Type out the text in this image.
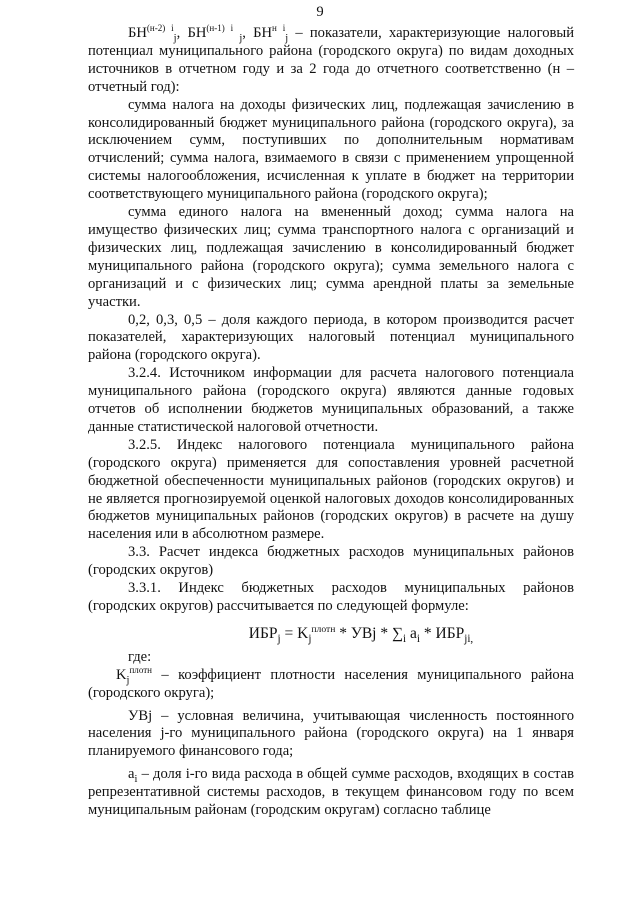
9

$БН^{(н-2)}$ $^i_j$, $БН^{(н-1)}$ $^i$ $_j$, $БН^н$ $^i_j$ – показатели, характеризующие налоговый потенциал муниципального района (городского округа) по видам доходных источников в отчетном году и за 2 года до отчетного соответственно (н – отчетный год):

сумма налога на доходы физических лиц, подлежащая зачислению в консолидированный бюджет муниципального района (городского округа), за исключением сумм, поступивших по дополнительным нормативам отчислений; сумма налога, взимаемого в связи с применением упрощенной системы налогообложения, исчисленная к уплате в бюджет на территории соответствующего муниципального района (городского округа);

сумма единого налога на вмененный доход; сумма налога на имущество физических лиц; сумма транспортного налога с организаций и физических лиц, подлежащая зачислению в консолидированный бюджет муниципального района (городского округа); сумма земельного налога с организаций и с физических лиц; сумма арендной платы за земельные участки.

0,2, 0,3, 0,5 – доля каждого периода, в котором производится расчет показателей, характеризующих налоговый потенциал муниципального района (городского округа).

3.2.4. Источником информации для расчета налогового потенциала муниципального района (городского округа) являются данные годовых отчетов об исполнении бюджетов муниципальных образований, а также данные статистической налоговой отчетности.

3.2.5. Индекс налогового потенциала муниципального района (городского округа) применяется для сопоставления уровней расчетной бюджетной обеспеченности муниципальных районов (городских округов) и не является прогнозируемой оценкой налоговых доходов консолидированных бюджетов муниципальных районов (городских округов) в расчете на душу населения или в абсолютном размере.

3.3. Расчет индекса бюджетных расходов муниципальных районов (городских округов)

3.3.1. Индекс бюджетных расходов муниципальных районов (городских округов) рассчитывается по следующей формуле:

$ИБР_j = K_j^{плотн}$ * УВj * $\sum_i$ $a_i * ИБР_{ji,}$

где:

$K_j^{плотн}$ – коэффициент плотности населения муниципального района (городского округа);

УВj – условная величина, учитывающая численность постоянного населения j-го муниципального района (городского округа) на 1 января планируемого финансового года;

$a_i$ – доля i-го вида расхода в общей сумме расходов, входящих в состав репрезентативной системы расходов, в текущем финансовом году по всем муниципальным районам (городским округам) согласно таблице
